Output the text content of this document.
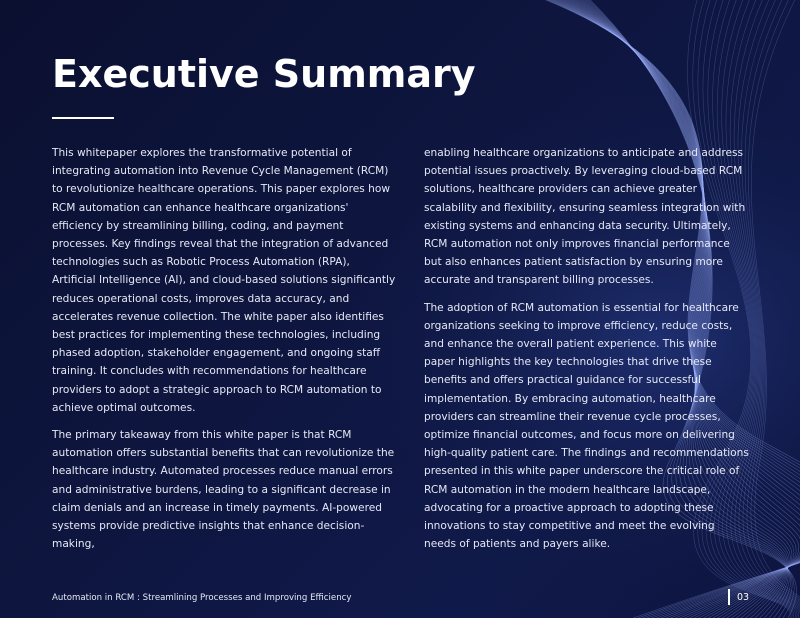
Executive Summary

This whitepaper explores the transformative potential of integrating automation into Revenue Cycle Management (RCM) to revolutionize healthcare operations. This paper explores how RCM automation can enhance healthcare organizations' efficiency by streamlining billing, coding, and payment processes. Key findings reveal that the integration of advanced technologies such as Robotic Process Automation (RPA), Artificial Intelligence (AI), and cloud-based solutions significantly reduces operational costs, improves data accuracy, and accelerates revenue collection. The white paper also identifies best practices for implementing these technologies, including phased adoption, stakeholder engagement, and ongoing staff training. It concludes with recommendations for healthcare providers to adopt a strategic approach to RCM automation to achieve optimal outcomes.

The primary takeaway from this white paper is that RCM automation offers substantial benefits that can revolutionize the healthcare industry. Automated processes reduce manual errors and administrative burdens, leading to a significant decrease in claim denials and an increase in timely payments. AI-powered systems provide predictive insights that enhance decision-making,

enabling healthcare organizations to anticipate and address potential issues proactively. By leveraging cloud-based RCM solutions, healthcare providers can achieve greater scalability and flexibility, ensuring seamless integration with existing systems and enhancing data security. Ultimately, RCM automation not only improves financial performance but also enhances patient satisfaction by ensuring more accurate and transparent billing processes.

The adoption of RCM automation is essential for healthcare organizations seeking to improve efficiency, reduce costs, and enhance the overall patient experience. This white paper highlights the key technologies that drive these benefits and offers practical guidance for successful implementation. By embracing automation, healthcare providers can streamline their revenue cycle processes, optimize financial outcomes, and focus more on delivering high-quality patient care. The findings and recommendations presented in this white paper underscore the critical role of RCM automation in the modern healthcare landscape, advocating for a proactive approach to adopting these innovations to stay competitive and meet the evolving needs of patients and payers alike.

Automation in RCM : Streamlining Processes and Improving Efficiency	03
